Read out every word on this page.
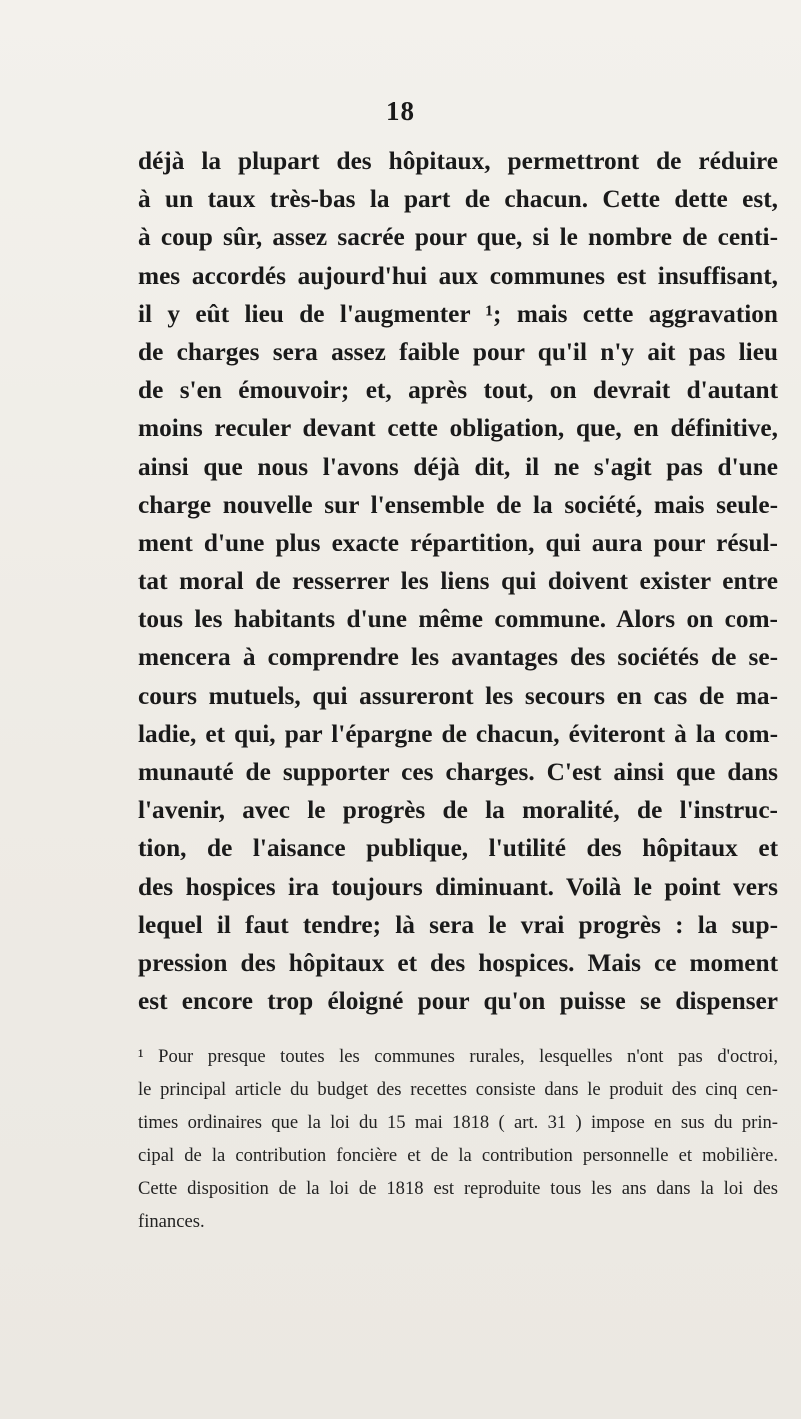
18
déjà la plupart des hôpitaux, permettront de réduire
à un taux très-bas la part de chacun. Cette dette est,
à coup sûr, assez sacrée pour que, si le nombre de centi-
mes accordés aujourd'hui aux communes est insuffisant,
il y eût lieu de l'augmenter ¹; mais cette aggravation
de charges sera assez faible pour qu'il n'y ait pas lieu
de s'en émouvoir; et, après tout, on devrait d'autant
moins reculer devant cette obligation, que, en définitive,
ainsi que nous l'avons déjà dit, il ne s'agit pas d'une
charge nouvelle sur l'ensemble de la société, mais seule-
ment d'une plus exacte répartition, qui aura pour résul-
tat moral de resserrer les liens qui doivent exister entre
tous les habitants d'une même commune. Alors on com-
mencera à comprendre les avantages des sociétés de se-
cours mutuels, qui assureront les secours en cas de ma-
ladie, et qui, par l'épargne de chacun, éviteront à la com-
munauté de supporter ces charges. C'est ainsi que dans
l'avenir, avec le progrès de la moralité, de l'instruc-
tion, de l'aisance publique, l'utilité des hôpitaux et
des hospices ira toujours diminuant. Voilà le point vers
lequel il faut tendre; là sera le vrai progrès : la sup-
pression des hôpitaux et des hospices. Mais ce moment
est encore trop éloigné pour qu'on puisse se dispenser
¹ Pour presque toutes les communes rurales, lesquelles n'ont pas d'octroi,
le principal article du budget des recettes consiste dans le produit des cinq cen-
times ordinaires que la loi du 15 mai 1818 ( art. 31 ) impose en sus du prin-
cipal de la contribution foncière et de la contribution personnelle et mobilière.
Cette disposition de la loi de 1818 est reproduite tous les ans dans la loi des
finances.
